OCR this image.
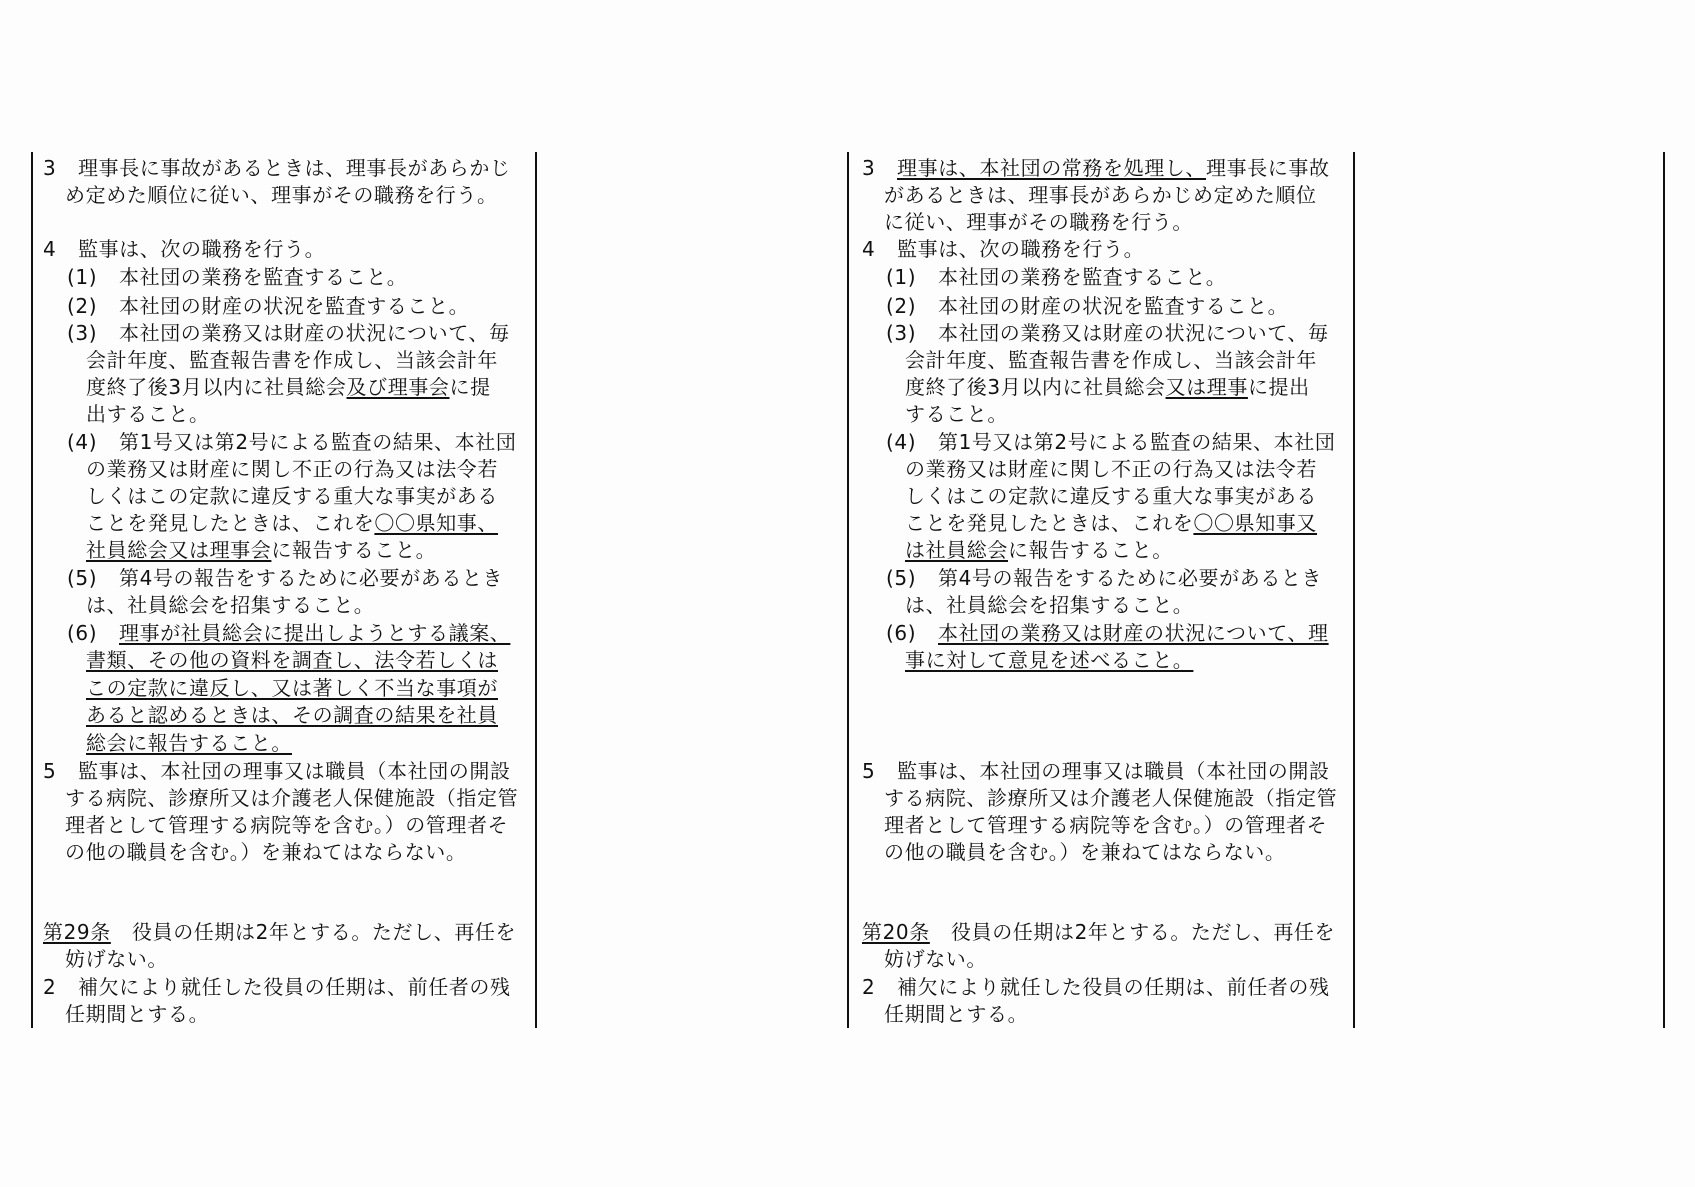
3 理事長に事故があるときは、理事長があらかじ
め定めた順位に従い、理事がその職務を行う。
4 監事は、次の職務を行う。
(1) 本社団の業務を監査すること。
(2) 本社団の財産の状況を監査すること。
(3) 本社団の業務又は財産の状況について、毎
会計年度、監査報告書を作成し、当該会計年
度終了後3月以内に社員総会及び理事会に提
出すること。
(4) 第1号又は第2号による監査の結果、本社団
の業務又は財産に関し不正の行為又は法令若
しくはこの定款に違反する重大な事実がある
ことを発見したときは、これを〇〇県知事、
社員総会又は理事会に報告すること。
(5) 第4号の報告をするために必要があるとき
は、社員総会を招集すること。
(6) 理事が社員総会に提出しようとする議案、
書類、その他の資料を調査し、法令若しくは
この定款に違反し、又は著しく不当な事項が
あると認めるときは、その調査の結果を社員
総会に報告すること。
5 監事は、本社団の理事又は職員（本社団の開設
する病院、診療所又は介護老人保健施設（指定管
理者として管理する病院等を含む。）の管理者そ
の他の職員を含む。）を兼ねてはならない。
第29条 役員の任期は2年とする。ただし、再任を
妨げない。
2 補欠により就任した役員の任期は、前任者の残
任期間とする。
3 理事は、本社団の常務を処理し、理事長に事故
があるときは、理事長があらかじめ定めた順位
に従い、理事がその職務を行う。
4 監事は、次の職務を行う。
(1) 本社団の業務を監査すること。
(2) 本社団の財産の状況を監査すること。
(3) 本社団の業務又は財産の状況について、毎
会計年度、監査報告書を作成し、当該会計年
度終了後3月以内に社員総会又は理事に提出
すること。
(4) 第1号又は第2号による監査の結果、本社団
の業務又は財産に関し不正の行為又は法令若
しくはこの定款に違反する重大な事実がある
ことを発見したときは、これを〇〇県知事又
は社員総会に報告すること。
(5) 第4号の報告をするために必要があるとき
は、社員総会を招集すること。
(6) 本社団の業務又は財産の状況について、理
事に対して意見を述べること。
5 監事は、本社団の理事又は職員（本社団の開設
する病院、診療所又は介護老人保健施設（指定管
理者として管理する病院等を含む。）の管理者そ
の他の職員を含む。）を兼ねてはならない。
第20条 役員の任期は2年とする。ただし、再任を
妨げない。
2 補欠により就任した役員の任期は、前任者の残
任期間とする。
